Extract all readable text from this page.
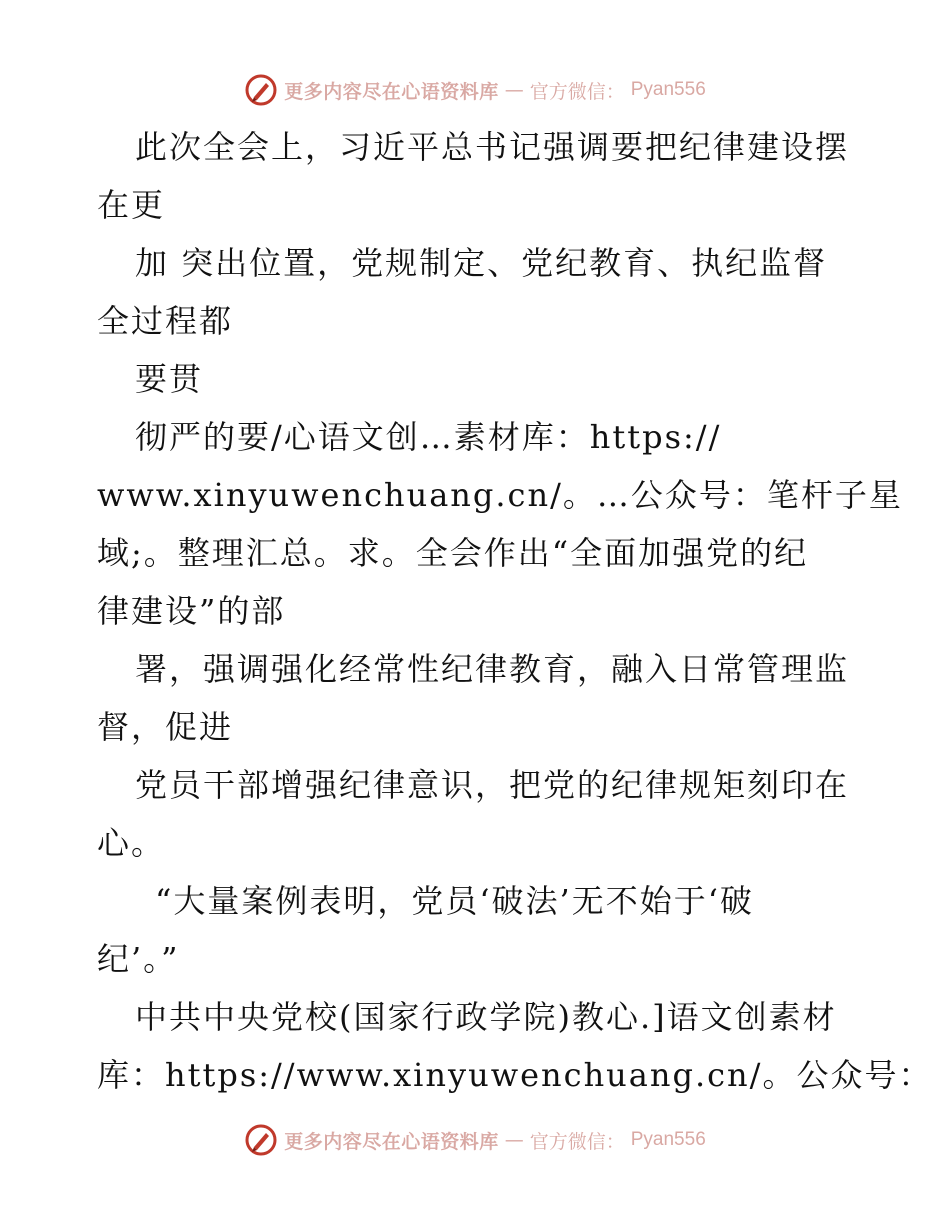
更多内容尽在心语资料库 — 官方微信： Pyan556
此次全会上，习近平总书记强调要把纪律建设摆
在更
加 突出位置，党规制定、党纪教育、执纪监督
全过程都
要贯
彻严的要/心语文创…素材库：https://
www.xinyuwenchuang.cn/。…公众号：笔杆子星
域;。整理汇总。求。全会作出“全面加强党的纪
律建设”的部
署，强调强化经常性纪律教育，融入日常管理监
督，促进
党员干部增强纪律意识，把党的纪律规矩刻印在
心。
“大量案例表明，党员‘破法’无不始于‘破
纪’。”
中共中央党校(国家行政学院)教心.]语文创素材
库：https://www.xinyuwenchuang.cn/。公众号：
更多内容尽在心语资料库 — 官方微信： Pyan556
